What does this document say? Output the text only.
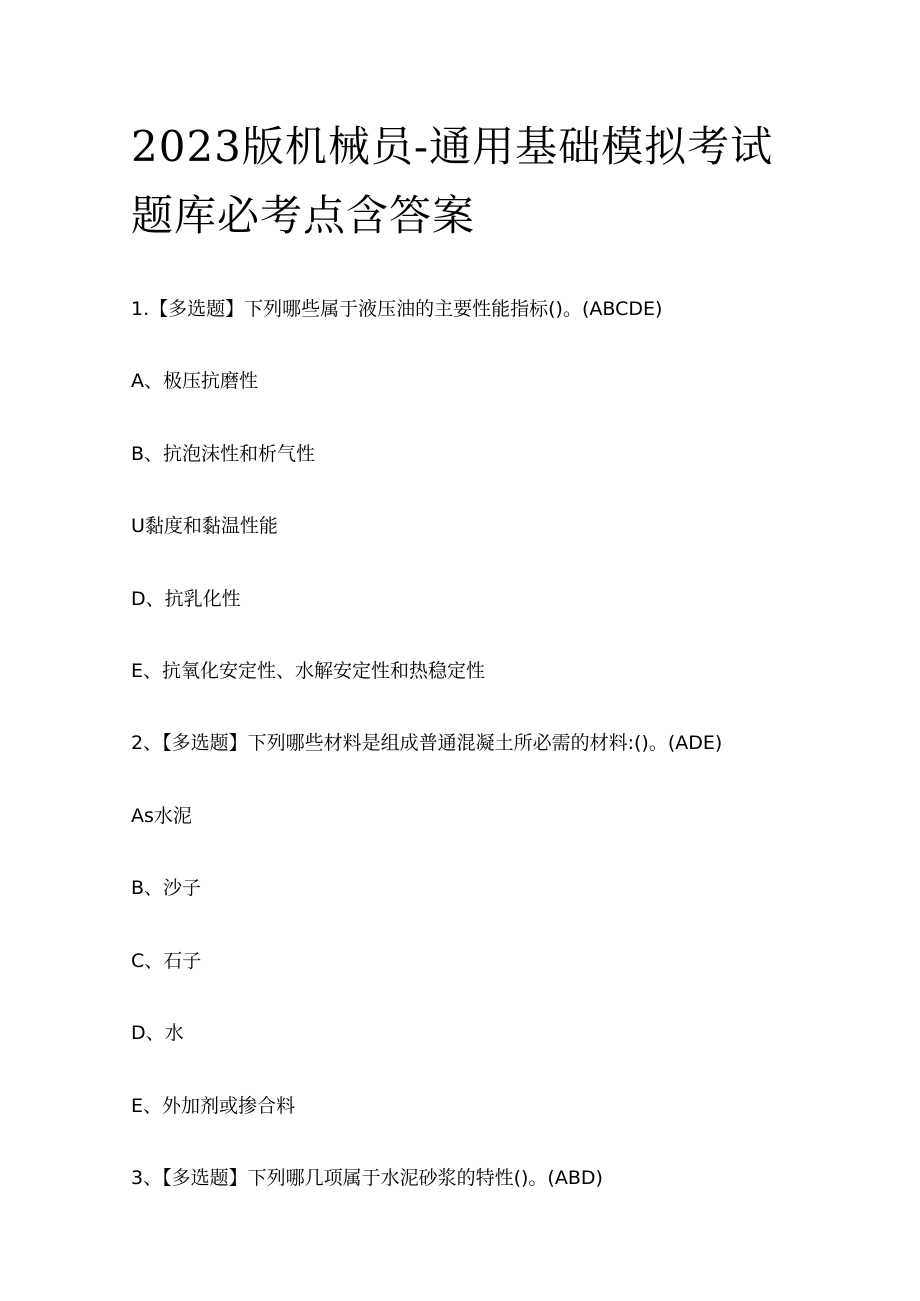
2023版机械员-通用基础模拟考试
题库必考点含答案
1.【多选题】下列哪些属于液压油的主要性能指标()。(ABCDE)
A、极压抗磨性
B、抗泡沫性和析气性
U黏度和黏温性能
D、抗乳化性
E、抗氧化安定性、水解安定性和热稳定性
2、【多选题】下列哪些材料是组成普通混凝土所必需的材料:()。(ADE)
As水泥
B、沙子
C、石子
D、水
E、外加剂或掺合料
3、【多选题】下列哪几项属于水泥砂浆的特性()。(ABD)
